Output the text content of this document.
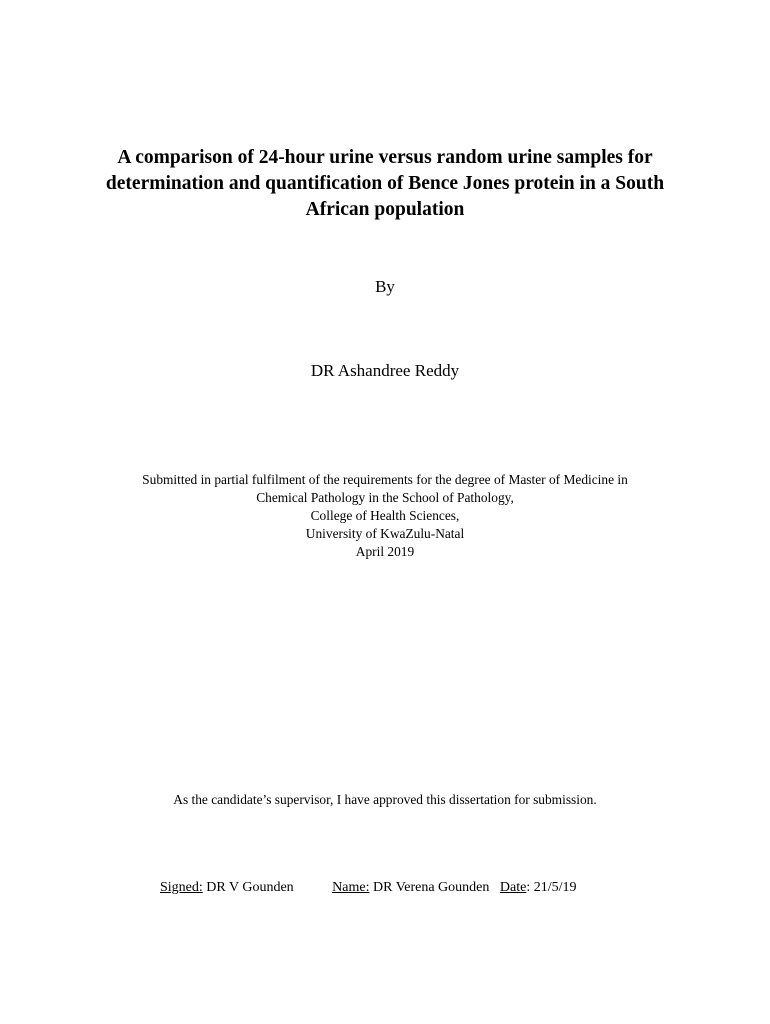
A comparison of 24-hour urine versus random urine samples for
determination and quantification of Bence Jones protein in a South
African population
By
DR Ashandree Reddy
Submitted in partial fulfilment of the requirements for the degree of Master of Medicine in
Chemical Pathology in the School of Pathology,
College of Health Sciences,
University of KwaZulu-Natal
April 2019
As the candidate’s supervisor, I have approved this dissertation for submission.
Signed: DR V Gounden	Name: DR Verena Gounden Date: 21/5/19
